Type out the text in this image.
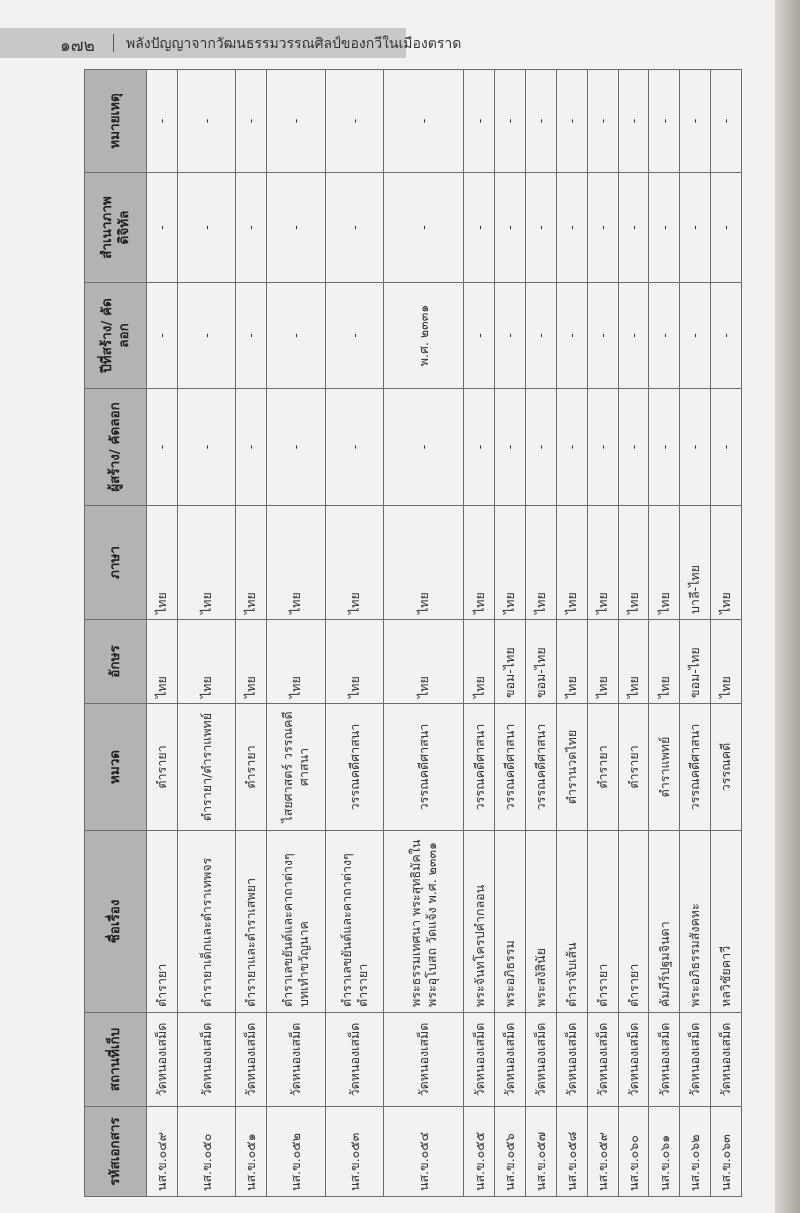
๑๗๒ พลังปัญญาจากวัฒนธรรมวรรณศิลป์ของกวีในเมืองตราด
รหัสเอกสาร	สถานที่เก็บ	ชื่อเรื่อง	หมวด	อักษร	ภาษา	ผู้สร้าง/ คัดลอก	ปีที่สร้าง/ คัดลอก	สำเนาภาพ ดิจิทัล	หมายเหตุ
นส.ข.๐๔๙	วัดหนองเสม็ด	ตำรายา	ตำรายา	ไทย	ไทย	-	-	-	-
นส.ข.๐๕๐	วัดหนองเสม็ด	ตำรายาเด็กและตำราเทพจร	ตำรายา/ตำราแพทย์	ไทย	ไทย	-	-	-	-
นส.ข.๐๕๑	วัดหนองเสม็ด	ตำรายาและตำราเสพยา	ตำรายา	ไทย	ไทย	-	-	-	-
นส.ข.๐๕๒	วัดหนองเสม็ด	ตำราเลขยันต์และคาถาต่างๆ บทเทำขวัญนาค	ไสยศาสตร์ วรรณคดีศาสนา	ไทย	ไทย	-	-	-	-
นส.ข.๐๕๓	วัดหนองเสม็ด	ตำราเลขยันต์และคาถาต่างๆ ตำรายา	วรรณคดีศาสนา	ไทย	ไทย	-	-	-	-
นส.ข.๐๕๔	วัดหนองเสม็ด	พระธรรมเทศนา พระสุทธิมัคในพระอุโบสถ วัดแจ้ง พ.ศ. ๒๓๓๑	วรรณคดีศาสนา	ไทย	ไทย	-	พ.ศ. ๒๓๓๑	-	-
นส.ข.๐๕๕	วัดหนองเสม็ด	พระจันทโครปคำกลอน	วรรณคดีศาสนา	ไทย	ไทย	-	-	-	-
นส.ข.๐๕๖	วัดหนองเสม็ด	พระอภิธรรม	วรรณคดีศาสนา	ขอม-ไทย	ไทย	-	-	-	-
นส.ข.๐๕๗	วัดหนองเสม็ด	พระสงัสินัย	วรรณคดีศาสนา	ขอม-ไทย	ไทย	-	-	-	-
นส.ข.๐๕๘	วัดหนองเสม็ด	ตำราจับเส้น	ตำรานวดไทย	ไทย	ไทย	-	-	-	-
นส.ข.๐๕๙	วัดหนองเสม็ด	ตำรายา	ตำรายา	ไทย	ไทย	-	-	-	-
นส.ข.๐๖๐	วัดหนองเสม็ด	ตำรายา	ตำรายา	ไทย	ไทย	-	-	-	-
นส.ข.๐๖๑	วัดหนองเสม็ด	คัมภีร์ปฐมจินดา	ตำราแพทย์	ไทย	ไทย	-	-	-	-
นส.ข.๐๖๒	วัดหนองเสม็ด	พระอภิธรรมสังคหะ	วรรณคดีศาสนา	ขอม-ไทย	บาลี-ไทย	-	-	-	-
นส.ข.๐๖๓	วัดหนองเสม็ด	หลวิชัยคาวี	วรรณคดี	ไทย	ไทย	-	-	-	-
